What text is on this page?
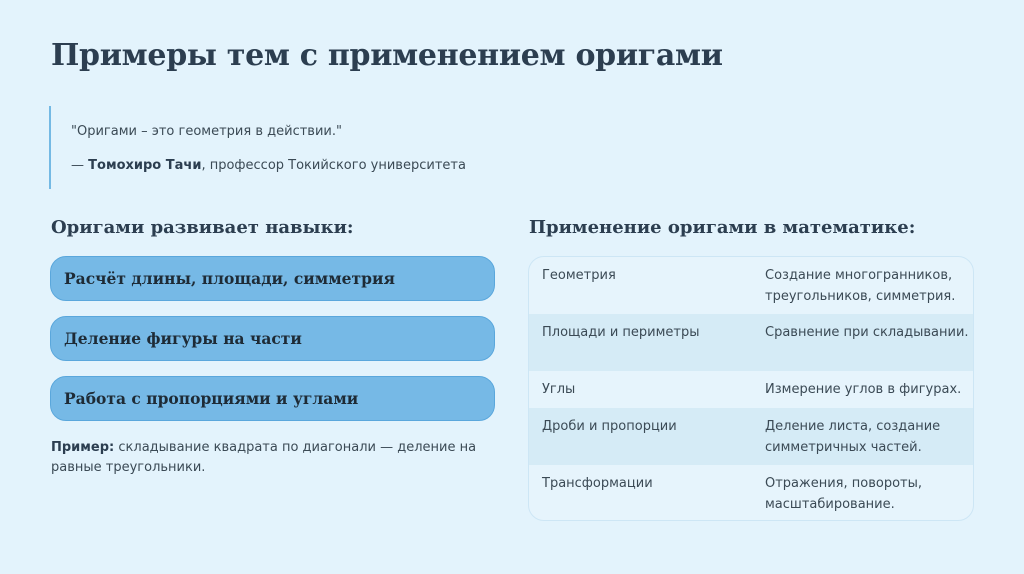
Примеры тем с применением оригами
"Оригами – это геометрия в действии."
— Томохиро Тачи, профессор Токийского университета
Оригами развивает навыки:
Расчёт длины, площади, симметрия
Деление фигуры на части
Работа с пропорциями и углами
Пример: складывание квадрата по диагонали — деление на равные треугольники.
Применение оригами в математике:
Геометрия	Создание многогранников, треугольников, симметрия.
Площади и периметры	Сравнение при складывании.
Углы	Измерение углов в фигурах.
Дроби и пропорции	Деление листа, создание симметричных частей.
Трансформации	Отражения, повороты, масштабирование.
